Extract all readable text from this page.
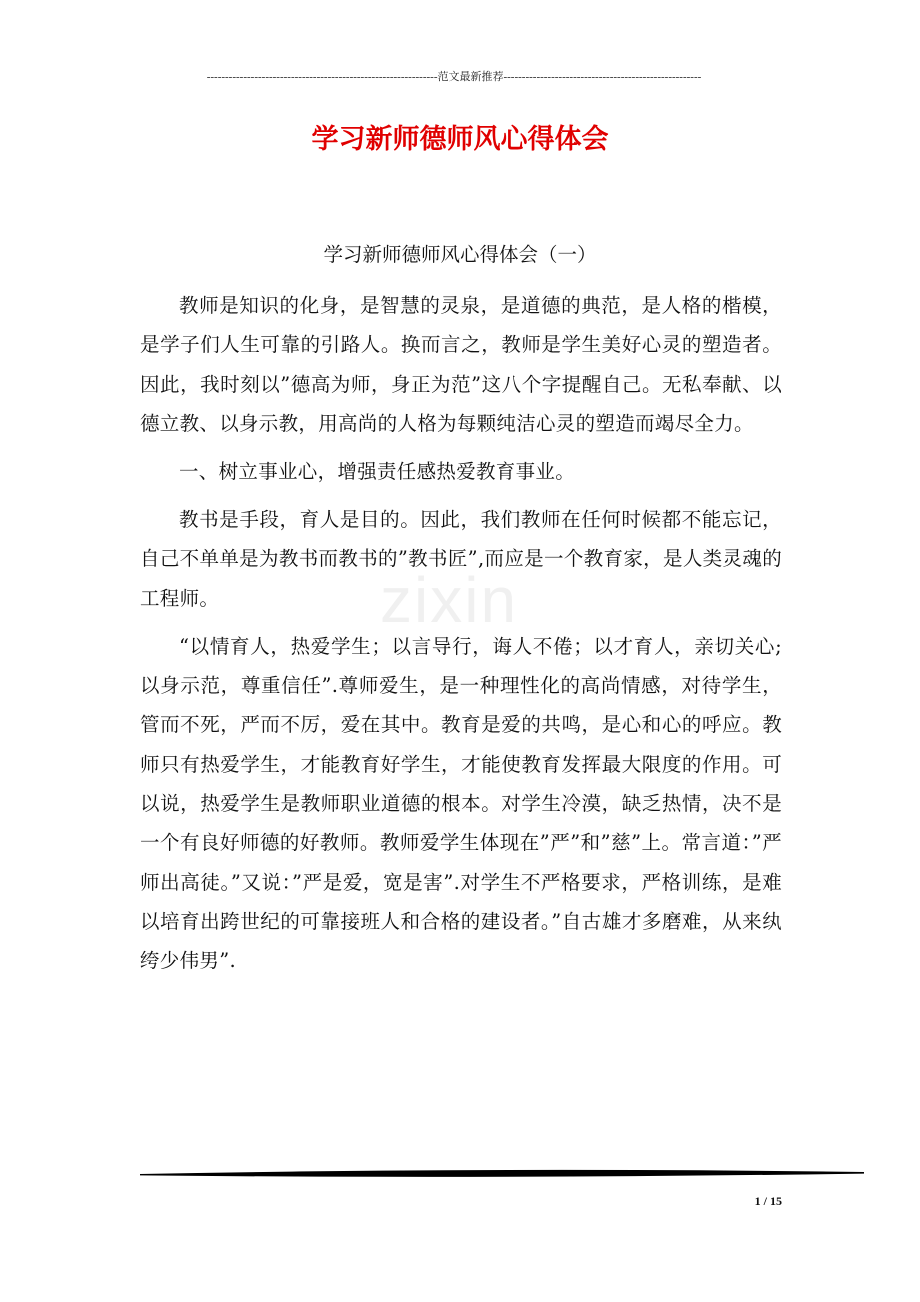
---------------------------------------------------------------范文最新推荐------------------------------------------------------
学习新师德师风心得体会
学习新师德师风心得体会（一）

教师是知识的化身，是智慧的灵泉，是道德的典范，是人格的楷模，是学子们人生可靠的引路人。换而言之，教师是学生美好心灵的塑造者。因此，我时刻以”德高为师，身正为范”这八个字提醒自己。无私奉献、以德立教、以身示教，用高尚的人格为每颗纯洁心灵的塑造而竭尽全力。

一、树立事业心，增强责任感热爱教育事业。

教书是手段，育人是目的。因此，我们教师在任何时候都不能忘记，自己不单单是为教书而教书的”教书匠”,而应是一个教育家，是人类灵魂的工程师。

“以情育人，热爱学生；以言导行，诲人不倦；以才育人，亲切关心;以身示范，尊重信任”.尊师爱生，是一种理性化的高尚情感，对待学生，管而不死，严而不厉，爱在其中。教育是爱的共鸣，是心和心的呼应。教师只有热爱学生，才能教育好学生，才能使教育发挥最大限度的作用。可以说，热爱学生是教师职业道德的根本。对学生冷漠，缺乏热情，决不是一个有良好师德的好教师。教师爱学生体现在”严”和”慈”上。常言道：”严师出高徒。”又说：”严是爱，宽是害”.对学生不严格要求，严格训练，是难以培育出跨世纪的可靠接班人和合格的建设者。”自古雄才多磨难，从来纨绔少伟男”.

zixin
1 / 15
